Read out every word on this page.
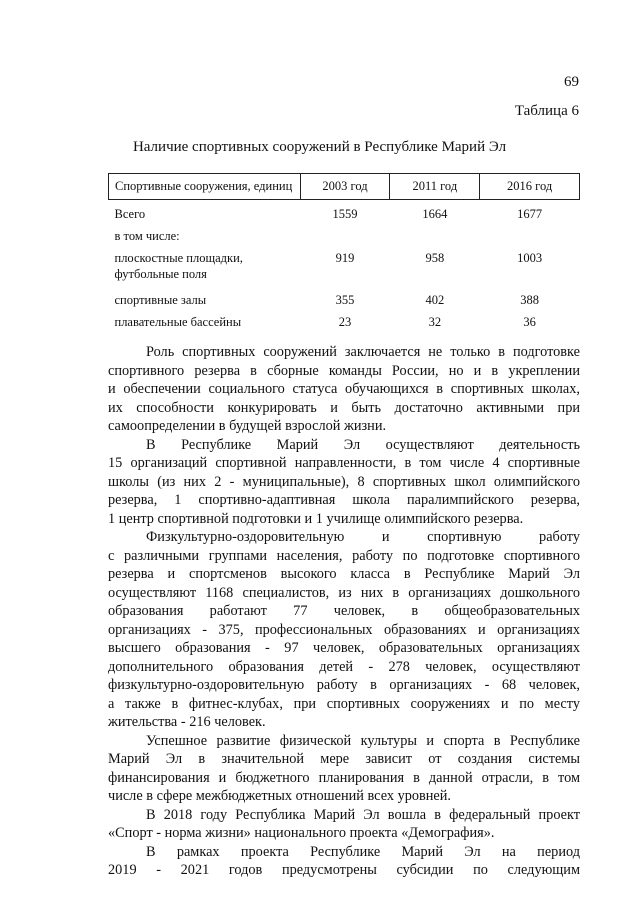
69
Таблица 6
Наличие спортивных сооружений в Республике Марий Эл
Спортивные сооружения, единиц	2003 год	2011 год	2016 год
Всего	1559	1664	1677
в том числе:			
плоскостные площадки, футбольные поля	919	958	1003
спортивные залы	355	402	388
плавательные бассейны	23	32	36

Роль спортивных сооружений заключается не только в подготовке

спортивного резерва в сборные команды России, но и в укреплении

и обеспечении социального статуса обучающихся в спортивных школах,

их способности конкурировать и быть достаточно активными при

самоопределении в будущей взрослой жизни.

В Республике Марий Эл осуществляют деятельность

15 организаций спортивной направленности, в том числе 4 спортивные

школы (из них 2 - муниципальные), 8 спортивных школ олимпийского

резерва, 1 спортивно-адаптивная школа паралимпийского резерва,

1 центр спортивной подготовки и 1 училище олимпийского резерва.

Физкультурно-оздоровительную и спортивную работу

с различными группами населения, работу по подготовке спортивного

резерва и спортсменов высокого класса в Республике Марий Эл

осуществляют 1168 специалистов, из них в организациях дошкольного

образования работают 77 человек, в общеобразовательных

организациях - 375, профессиональных образованиях и организациях

высшего образования - 97 человек, образовательных организациях

дополнительного образования детей - 278 человек, осуществляют

физкультурно-оздоровительную работу в организациях - 68 человек,

а также в фитнес-клубах, при спортивных сооружениях и по месту

жительства - 216 человек.

Успешное развитие физической культуры и спорта в Республике

Марий Эл в значительной мере зависит от создания системы

финансирования и бюджетного планирования в данной отрасли, в том

числе в сфере межбюджетных отношений всех уровней.

В 2018 году Республика Марий Эл вошла в федеральный проект

«Спорт - норма жизни» национального проекта «Демография».

В рамках проекта Республике Марий Эл на период

2019 - 2021 годов предусмотрены субсидии по следующим
